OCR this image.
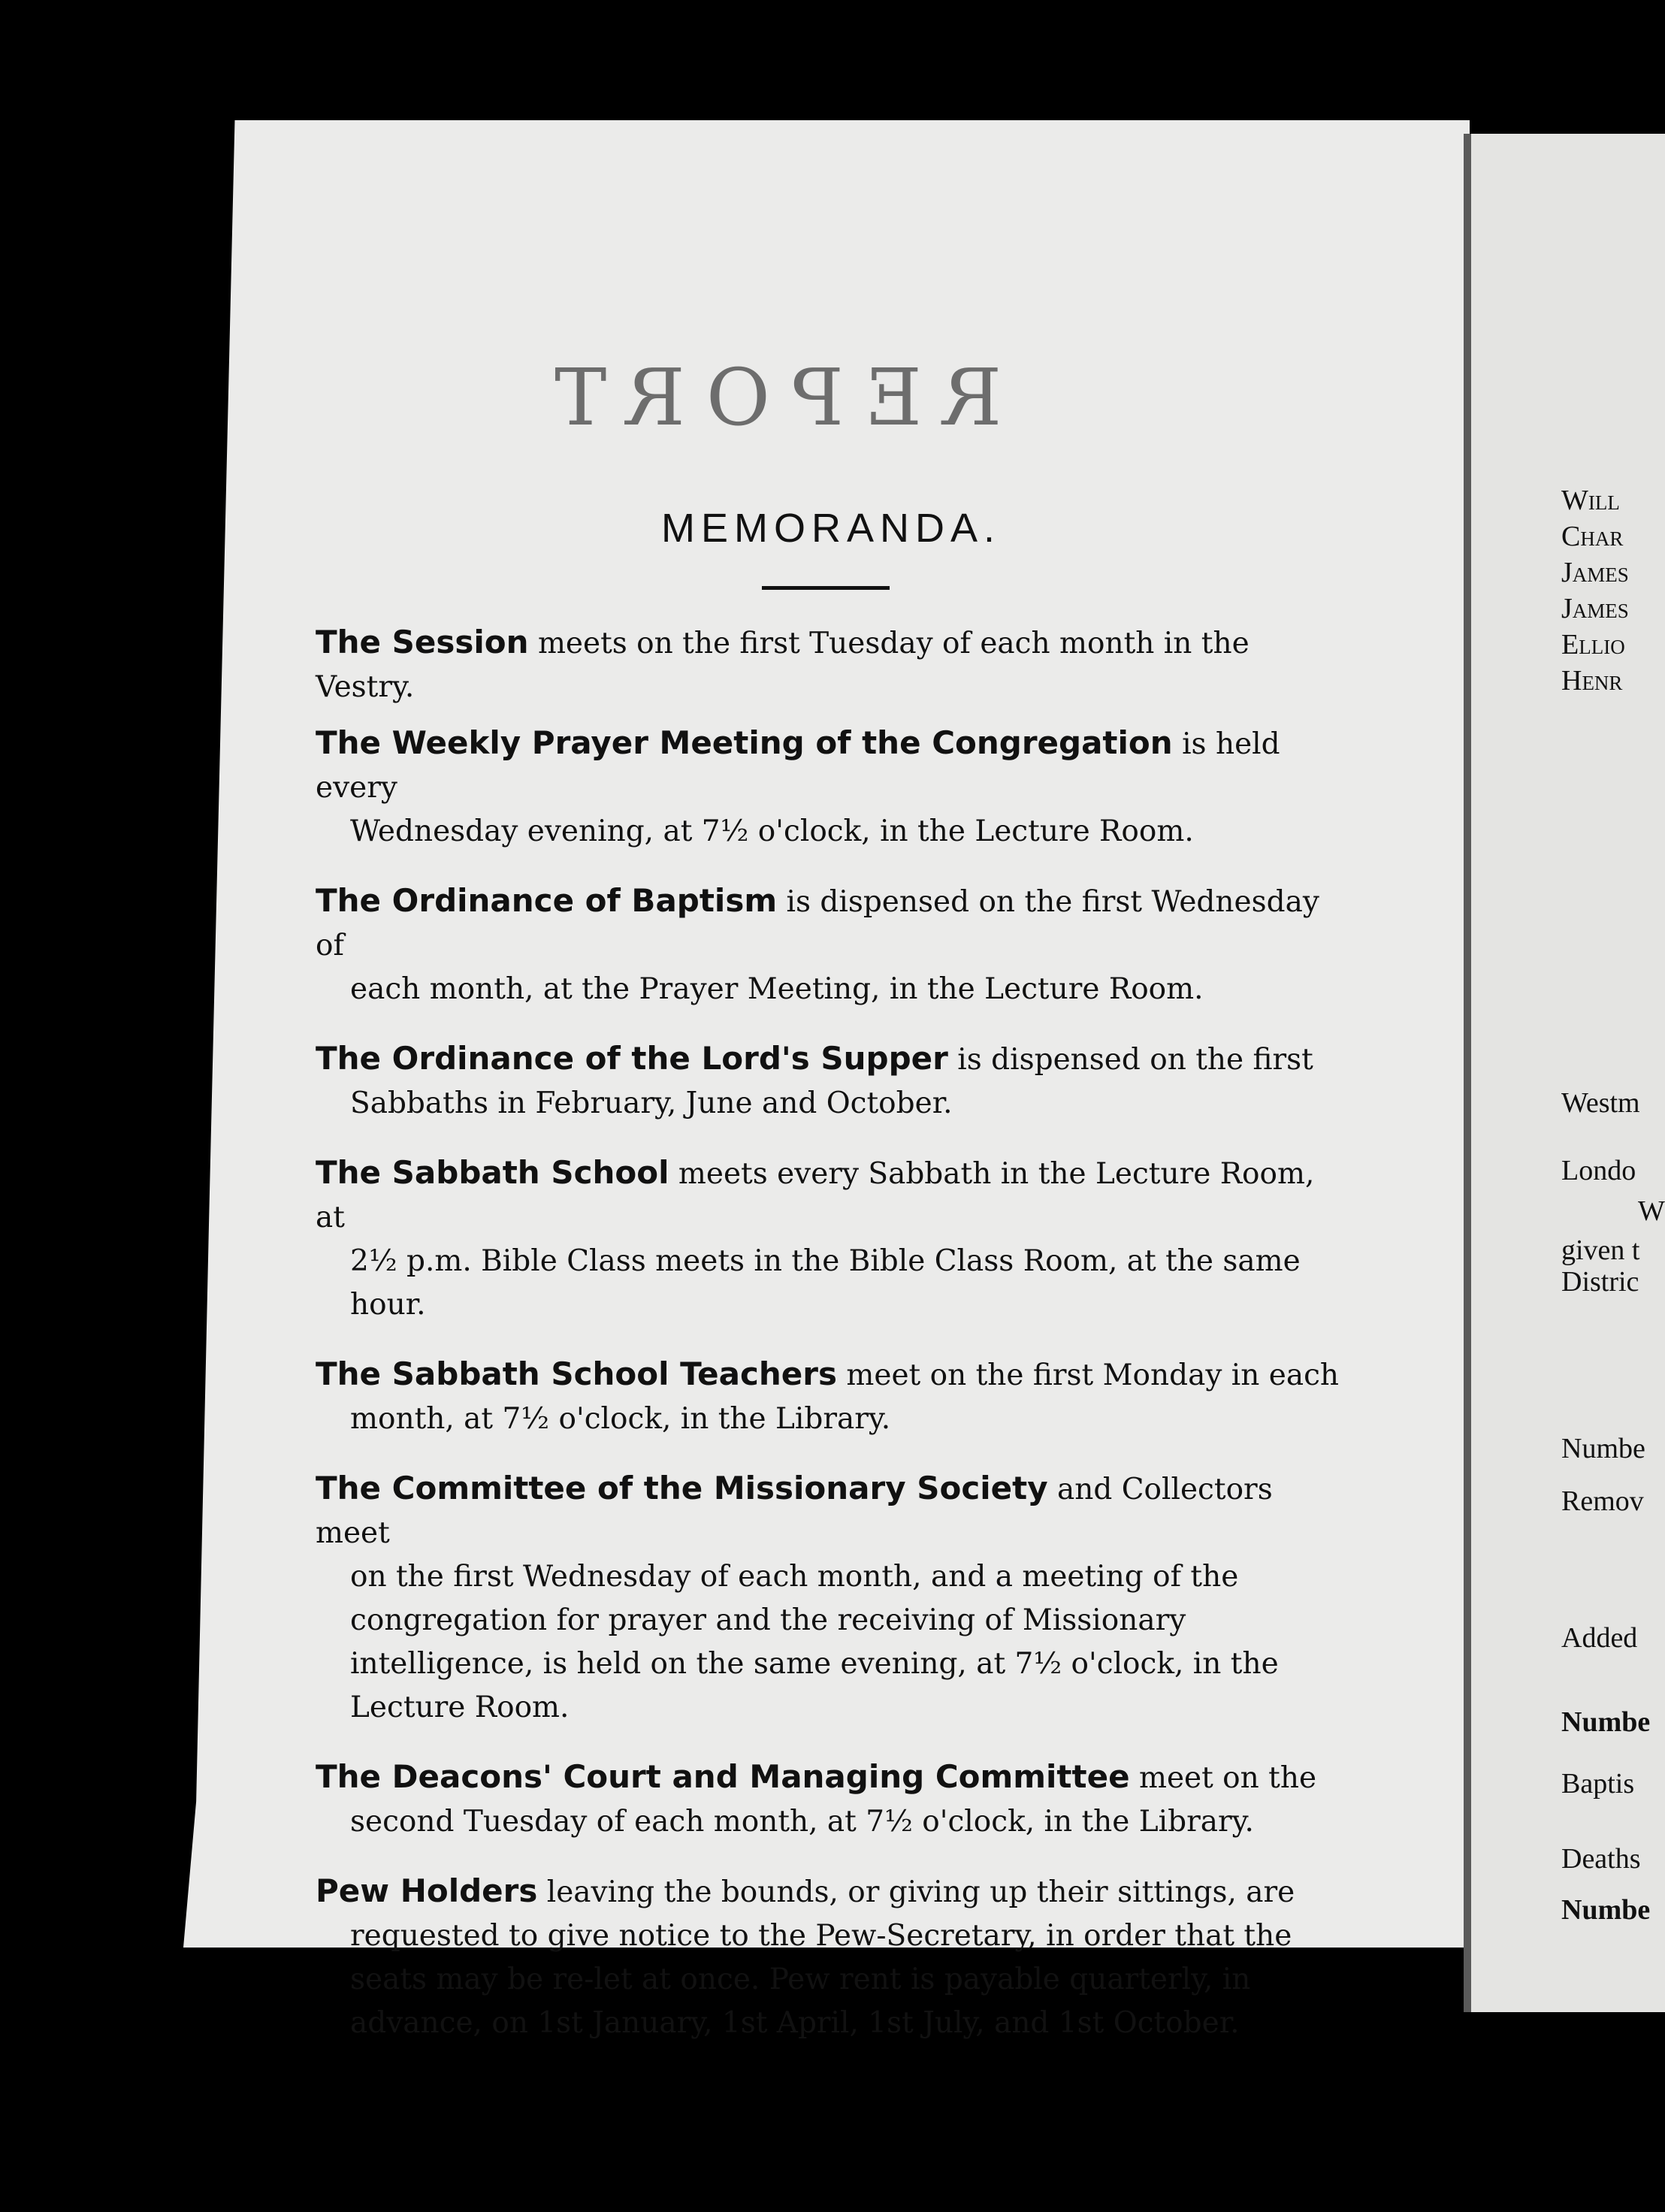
REPORT
MEMORANDA.
The Session meets on the first Tuesday of each month in the Vestry.
The Weekly Prayer Meeting of the Congregation is held every
Wednesday evening, at 7½ o'clock, in the Lecture Room.
The Ordinance of Baptism is dispensed on the first Wednesday of
each month, at the Prayer Meeting, in the Lecture Room.
The Ordinance of the Lord's Supper is dispensed on the first
Sabbaths in February, June and October.
The Sabbath School meets every Sabbath in the Lecture Room, at
2½ p.m. Bible Class meets in the Bible Class Room, at the same hour.
The Sabbath School Teachers meet on the first Monday in each
month, at 7½ o'clock, in the Library.
The Committee of the Missionary Society and Collectors meet
on the first Wednesday of each month, and a meeting of the congregation for prayer and the receiving of Missionary intelligence, is held on the same evening, at 7½ o'clock, in the Lecture Room.
The Deacons' Court and Managing Committee meet on the
second Tuesday of each month, at 7½ o'clock, in the Library.
Pew Holders leaving the bounds, or giving up their sittings, are
requested to give notice to the Pew-Secretary, in order that the seats may be re-let at once. Pew rent is payable quarterly, in advance, on 1st January, 1st April, 1st July, and 1st October.
Will
Char
James
James
Ellio
Henr
Westm
Londo
W
given t
Distric
Numbe
Remov
Added
Numbe
Baptis
Deaths
Numbe
